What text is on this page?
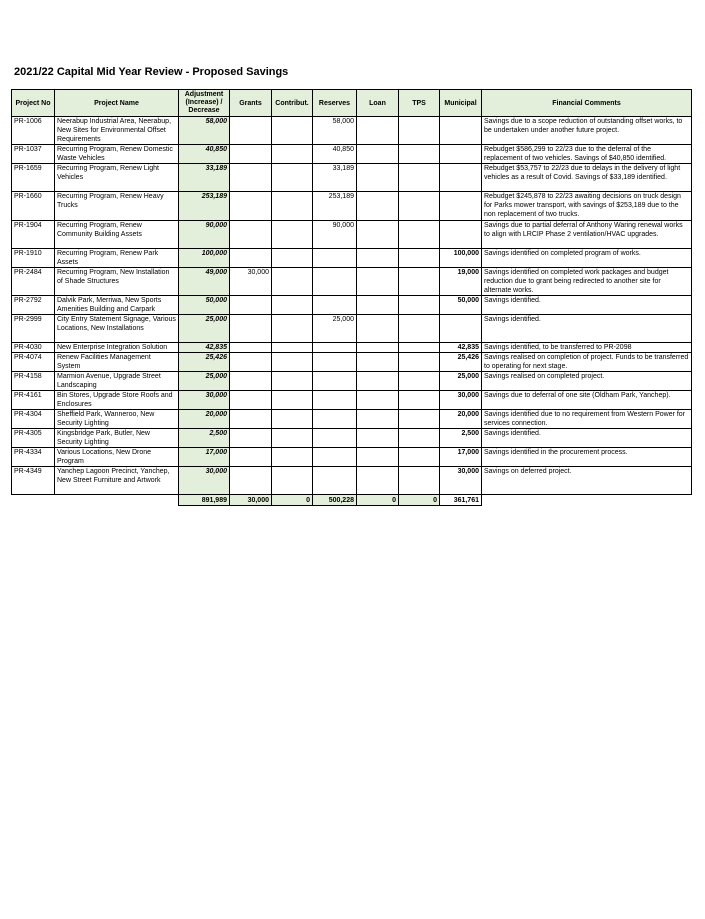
2021/22 Capital Mid Year Review - Proposed Savings
Project No	Project Name	Adjustment (Increase) / Decrease	Grants	Contribut.	Reserves	Loan	TPS	Municipal	Financial Comments
PR-1006	Neerabup Industrial Area, Neerabup, New Sites for Environmental Offset Requirements	58,000			58,000				Savings due to a scope reduction of outstanding offset works, to be undertaken under another future project.
PR-1037	Recurring Program, Renew Domestic Waste Vehicles	40,850			40,850				Rebudget $586,299 to 22/23 due to the deferral of the replacement of two vehicles. Savings of $40,850 identified.
PR-1659	Recurring Program, Renew Light Vehicles	33,189			33,189				Rebudget $53,757 to 22/23 due to delays in the delivery of light vehicles as a result of Covid. Savings of $33,189 identified.
PR-1660	Recurring Program, Renew Heavy Trucks	253,189			253,189				Rebudget $245,878 to 22/23 awaiting decisions on truck design for Parks mower transport, with savings of $253,189 due to the non replacement of two trucks.
PR-1904	Recurring Program, Renew Community Building Assets	90,000			90,000				Savings due to partial deferral of Anthony Waring renewal works to align with LRCIP Phase 2 ventilation/HVAC upgrades.
PR-1910	Recurring Program, Renew Park Assets	100,000						100,000	Savings identified on completed program of works.
PR-2484	Recurring Program, New Installation of Shade Structures	49,000	30,000					19,000	Savings identified on completed work packages and budget reduction due to grant being redirected to another site for alternate works.
PR-2792	Dalvik Park, Merriwa, New Sports Amenities Building and Carpark	50,000						50,000	Savings identified.
PR-2999	City Entry Statement Signage, Various Locations, New Installations	25,000			25,000				Savings identified.
PR-4030	New Enterprise Integration Solution	42,835						42,835	Savings identified, to be transferred to PR-2098
PR-4074	Renew Facilities Management System	25,426						25,426	Savings realised on completion of project. Funds to be transferred to operating for next stage.
PR-4158	Marmion Avenue, Upgrade Street Landscaping	25,000						25,000	Savings realised on completed project.
PR-4161	Bin Stores, Upgrade Store Roofs and Enclosures	30,000						30,000	Savings due to deferral of one site (Oldham Park, Yanchep).
PR-4304	Sheffield Park, Wanneroo, New Security Lighting	20,000						20,000	Savings identified due to no requirement from Western Power for services connection.
PR-4305	Kingsbridge Park, Butler, New Security Lighting	2,500						2,500	Savings identified.
PR-4334	Various Locations, New Drone Program	17,000						17,000	Savings identified in the procurement process.
PR-4349	Yanchep Lagoon Precinct, Yanchep, New Street Furniture and Artwork	30,000						30,000	Savings on deferred project.
		891,989	30,000	0	500,228	0	0	361,761	
